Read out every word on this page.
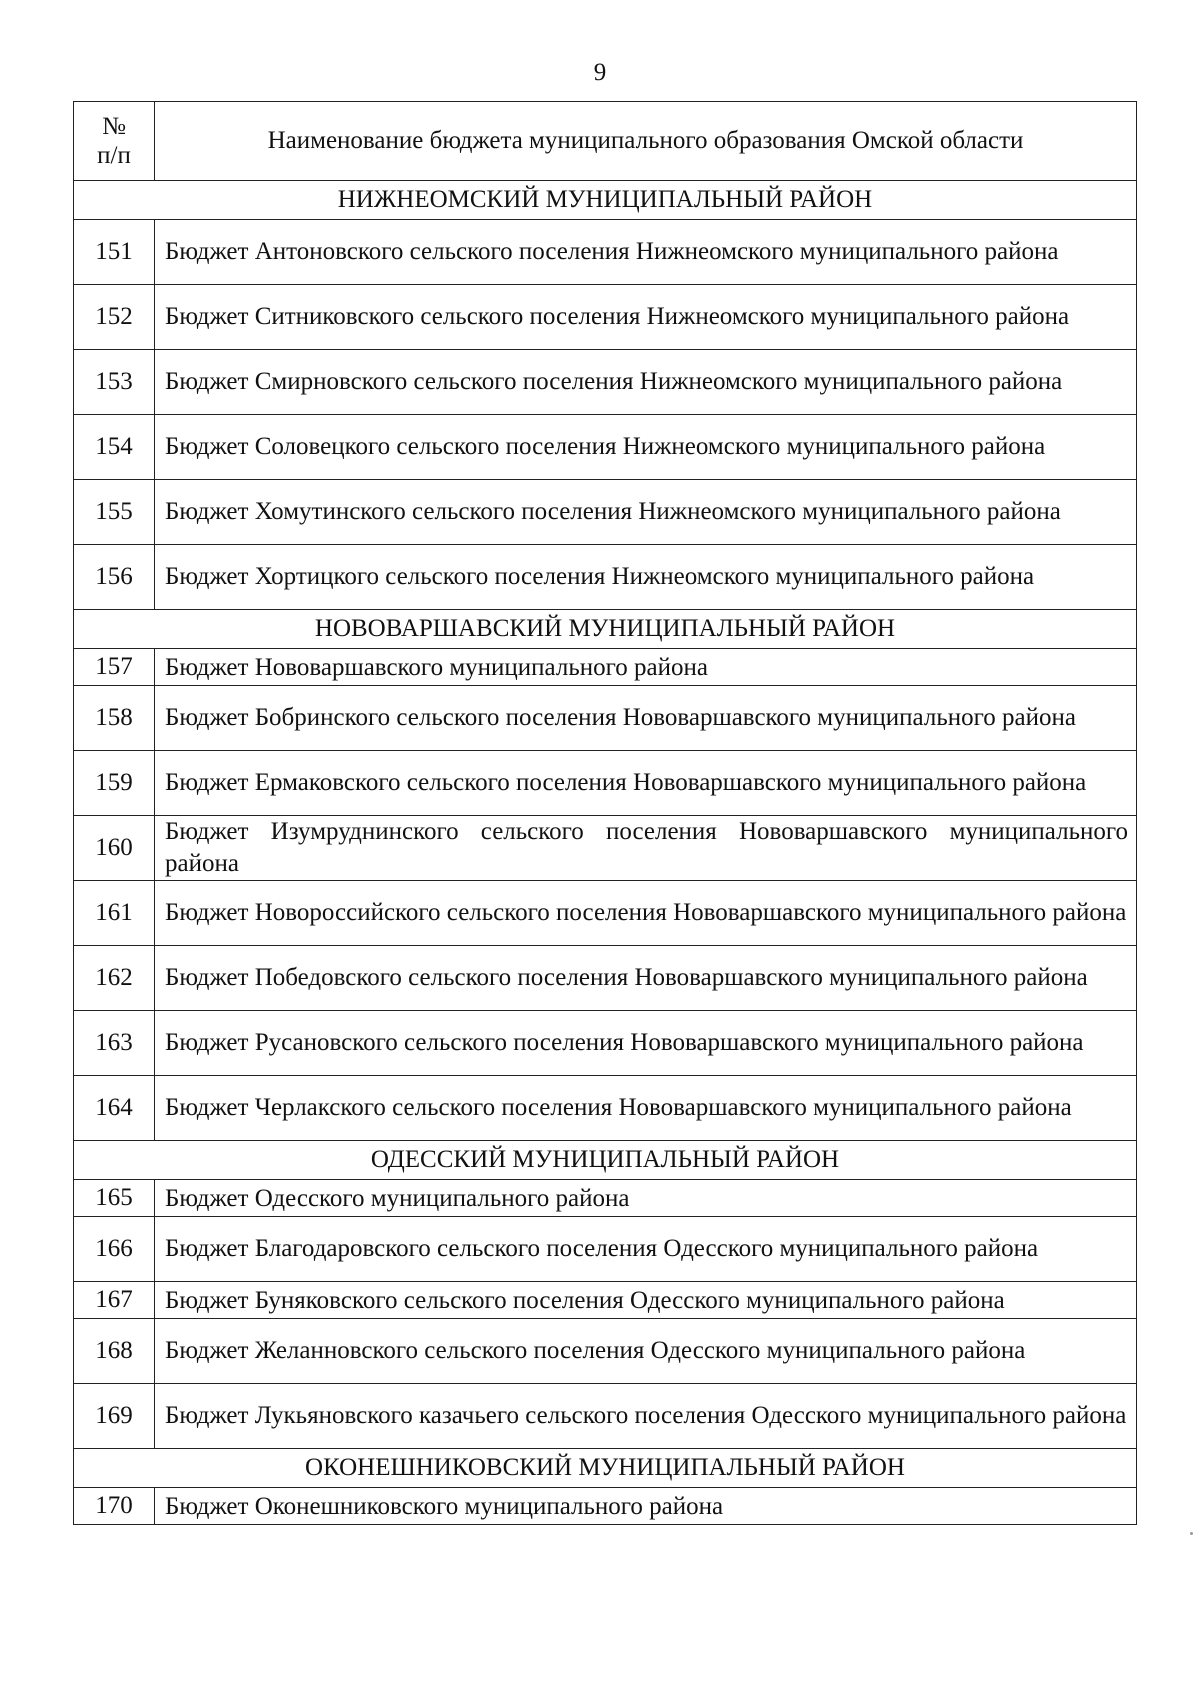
9
№
п/п	Наименование бюджета муниципального образования Омской области
НИЖНЕОМСКИЙ МУНИЦИПАЛЬНЫЙ РАЙОН	
151	Бюджет Антоновского сельского поселения Нижнеомского муниципального района
152	Бюджет Ситниковского сельского поселения Нижнеомского муниципального района
153	Бюджет Смирновского сельского поселения Нижнеомского муниципального района
154	Бюджет Соловецкого сельского поселения Нижнеомского муниципального района
155	Бюджет Хомутинского сельского поселения Нижнеомского муниципального района
156	Бюджет Хортицкого сельского поселения Нижнеомского муниципального района
НОВОВАРШАВСКИЙ МУНИЦИПАЛЬНЫЙ РАЙОН	
157	Бюджет Нововаршавского муниципального района
158	Бюджет Бобринского сельского поселения Нововаршавского муниципального района
159	Бюджет Ермаковского сельского поселения Нововаршавского муниципального района
160	Бюджет Изумруднинского сельского поселения Нововаршавского муниципального района
161	Бюджет Новороссийского сельского поселения Нововаршавского муниципального района
162	Бюджет Победовского сельского поселения Нововаршавского муниципального района
163	Бюджет Русановского сельского поселения Нововаршавского муниципального района
164	Бюджет Черлакского сельского поселения Нововаршавского муниципального района
ОДЕССКИЙ МУНИЦИПАЛЬНЫЙ РАЙОН	
165	Бюджет Одесского муниципального района
166	Бюджет Благодаровского сельского поселения Одесского муниципального района
167	Бюджет Буняковского сельского поселения Одесского муниципального района
168	Бюджет Желанновского сельского поселения Одесского муниципального района
169	Бюджет Лукьяновского казачьего сельского поселения Одесского муниципального района
ОКОНЕШНИКОВСКИЙ МУНИЦИПАЛЬНЫЙ РАЙОН	
170	Бюджет Оконешниковского муниципального района
